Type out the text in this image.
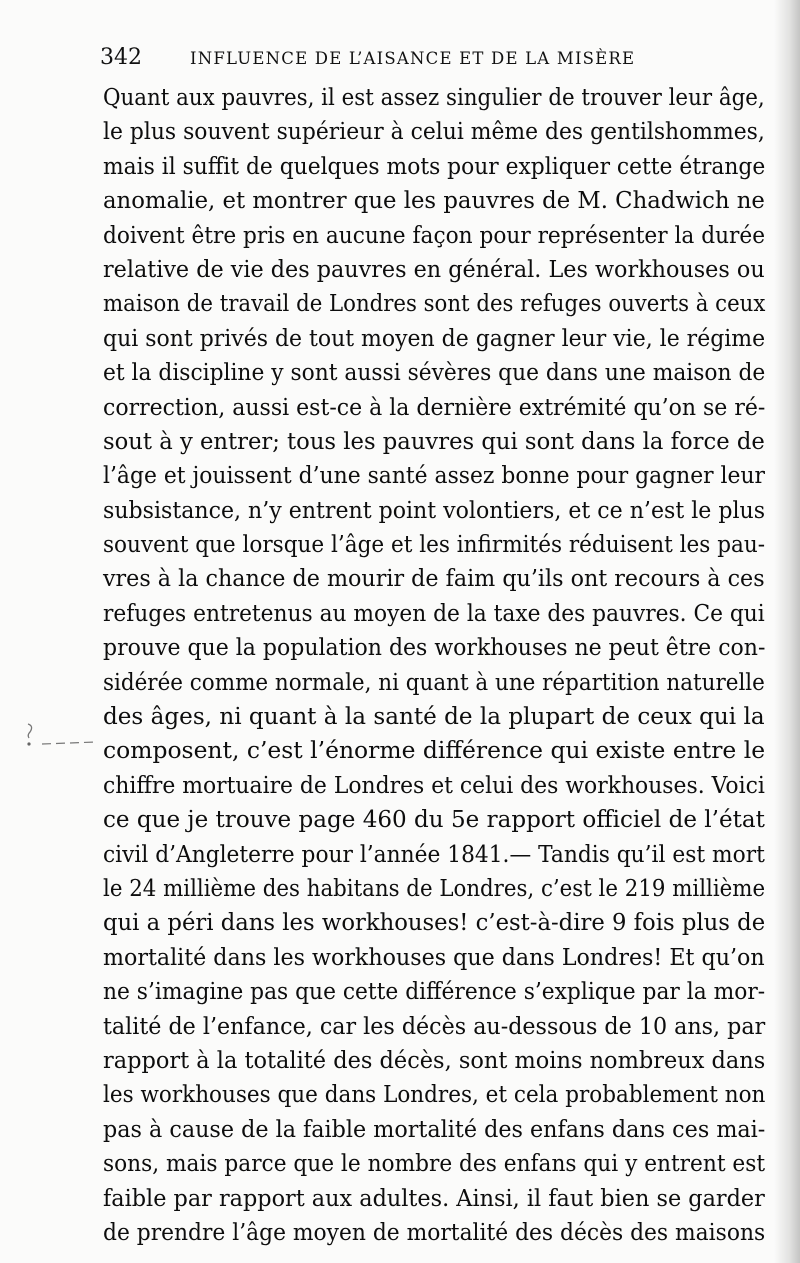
342	INFLUENCE DE L’AISANCE ET DE LA MISÈRE
Quant aux pauvres, il est assez singulier de trouver leur âge,
le plus souvent supérieur à celui même des gentilshommes,
mais il suffit de quelques mots pour expliquer cette étrange
anomalie, et montrer que les pauvres de M. Chadwich ne
doivent être pris en aucune façon pour représenter la durée
relative de vie des pauvres en général. Les workhouses ou
maison de travail de Londres sont des refuges ouverts à ceux
qui sont privés de tout moyen de gagner leur vie, le régime
et la discipline y sont aussi sévères que dans une maison de
correction, aussi est-ce à la dernière extrémité qu’on se ré-
sout à y entrer; tous les pauvres qui sont dans la force de
l’âge et jouissent d’une santé assez bonne pour gagner leur
subsistance, n’y entrent point volontiers, et ce n’est le plus
souvent que lorsque l’âge et les infirmités réduisent les pau-
vres à la chance de mourir de faim qu’ils ont recours à ces
refuges entretenus au moyen de la taxe des pauvres. Ce qui
prouve que la population des workhouses ne peut être con-
sidérée comme normale, ni quant à une répartition naturelle
des âges, ni quant à la santé de la plupart de ceux qui la
composent, c’est l’énorme différence qui existe entre le
chiffre mortuaire de Londres et celui des workhouses. Voici
ce que je trouve page 460 du 5e rapport officiel de l’état
civil d’Angleterre pour l’année 1841.— Tandis qu’il est mort
le 24 millième des habitans de Londres, c’est le 219 millième
qui a péri dans les workhouses! c’est-à-dire 9 fois plus de
mortalité dans les workhouses que dans Londres! Et qu’on
ne s’imagine pas que cette différence s’explique par la mor-
talité de l’enfance, car les décès au-dessous de 10 ans, par
rapport à la totalité des décès, sont moins nombreux dans
les workhouses que dans Londres, et cela probablement non
pas à cause de la faible mortalité des enfans dans ces mai-
sons, mais parce que le nombre des enfans qui y entrent est
faible par rapport aux adultes. Ainsi, il faut bien se garder
de prendre l’âge moyen de mortalité des décès des maisons
